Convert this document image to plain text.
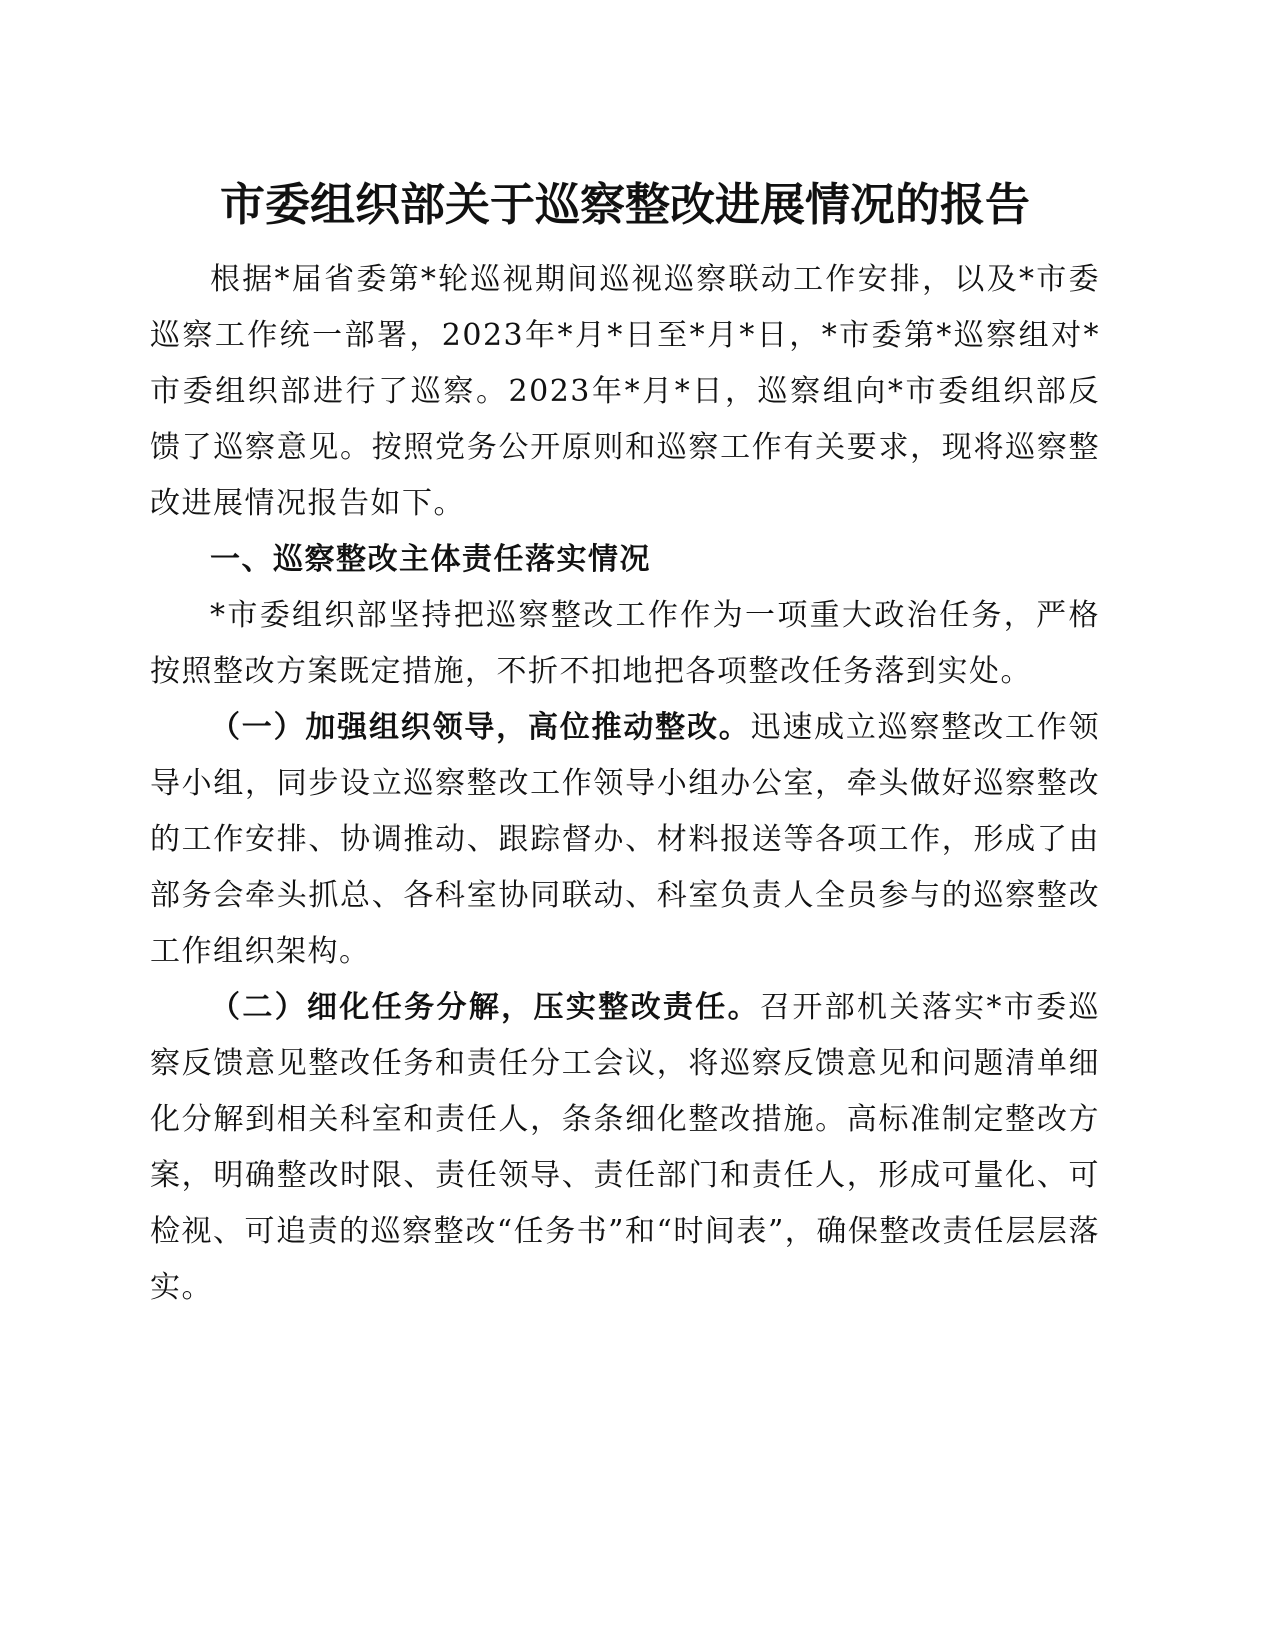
市委组织部关于巡察整改进展情况的报告

根据*届省委第*轮巡视期间巡视巡察联动工作安排，以及*市委巡察工作统一部署，2023年*月*日至*月*日，*市委第*巡察组对*市委组织部进行了巡察。2023年*月*日，巡察组向*市委组织部反馈了巡察意见。按照党务公开原则和巡察工作有关要求，现将巡察整改进展情况报告如下。

一、巡察整改主体责任落实情况

*市委组织部坚持把巡察整改工作作为一项重大政治任务，严格按照整改方案既定措施，不折不扣地把各项整改任务落到实处。

（一）加强组织领导，高位推动整改。迅速成立巡察整改工作领导小组，同步设立巡察整改工作领导小组办公室，牵头做好巡察整改的工作安排、协调推动、跟踪督办、材料报送等各项工作，形成了由部务会牵头抓总、各科室协同联动、科室负责人全员参与的巡察整改工作组织架构。

（二）细化任务分解，压实整改责任。召开部机关落实*市委巡察反馈意见整改任务和责任分工会议，将巡察反馈意见和问题清单细化分解到相关科室和责任人，条条细化整改措施。高标准制定整改方案，明确整改时限、责任领导、责任部门和责任人，形成可量化、可检视、可追责的巡察整改“任务书”和“时间表”，确保整改责任层层落实。
